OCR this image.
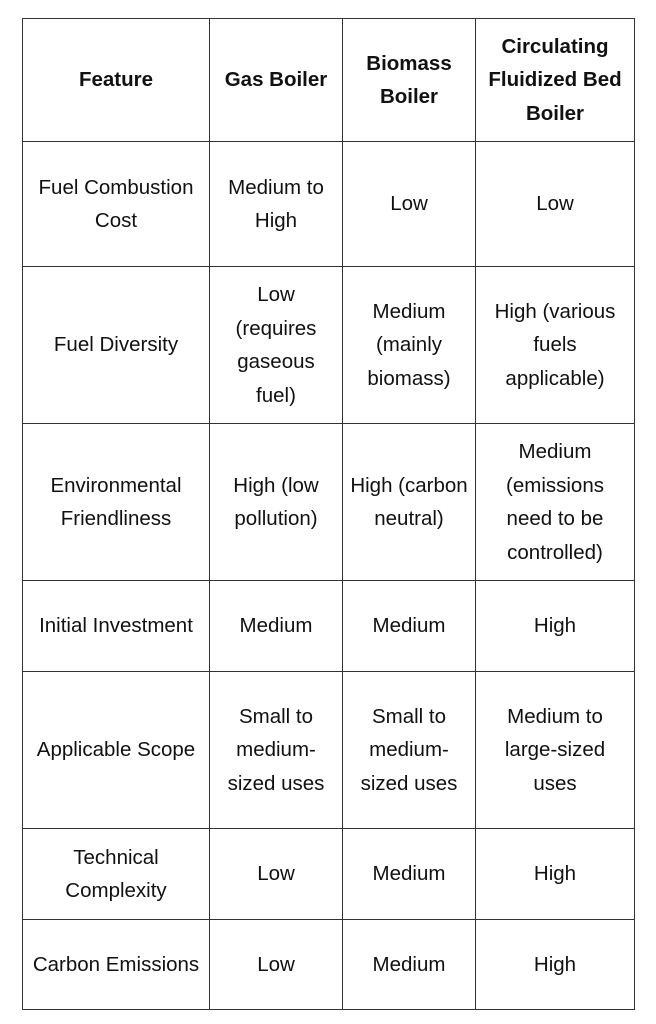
Feature	Gas Boiler	Biomass Boiler	Circulating Fluidized Bed Boiler
Fuel Combustion Cost	Medium to High	Low	Low
Fuel Diversity	Low (requires gaseous fuel)	Medium (mainly biomass)	High (various fuels applicable)
Environmental Friendliness	High (low pollution)	High (carbon neutral)	Medium (emissions need to be controlled)
Initial Investment	Medium	Medium	High
Applicable Scope	Small to medium-sized uses	Small to medium-sized uses	Medium to large-sized uses
Technical Complexity	Low	Medium	High
Carbon Emissions	Low	Medium	High
